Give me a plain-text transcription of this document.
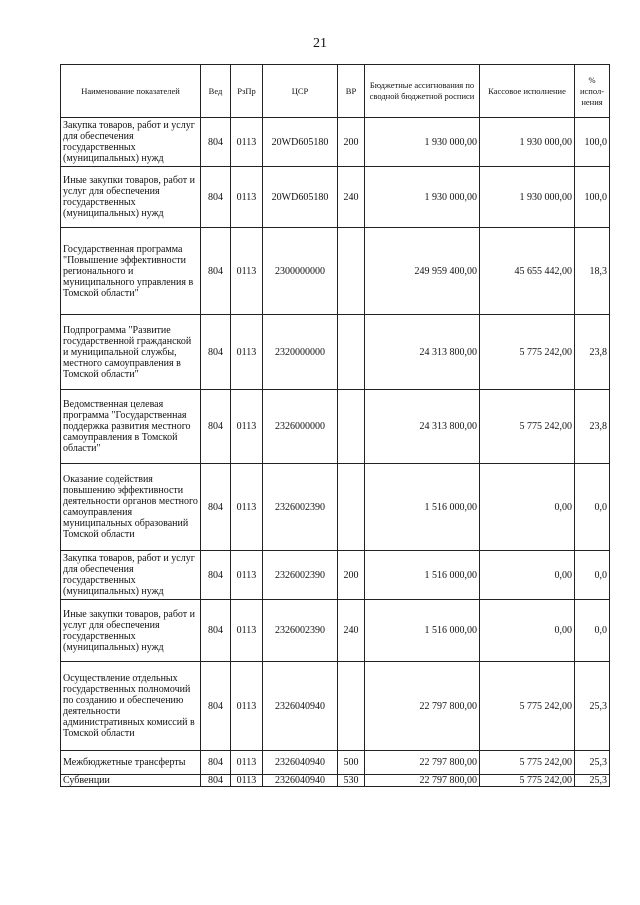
21
Наименование показателей	Вед	РзПр	ЦСР	ВР	Бюджетные ассигнования по сводной бюджетной росписи	Кассовое исполнение	% испол-нения
Закупка товаров, работ и услуг для обеспечения государственных (муниципальных) нужд	804	0113	20WD605180	200	1 930 000,00	1 930 000,00	100,0
Иные закупки товаров, работ и услуг для обеспечения государственных (муниципальных) нужд	804	0113	20WD605180	240	1 930 000,00	1 930 000,00	100,0
Государственная программа "Повышение эффективности регионального и муниципального управления в Томской области"	804	0113	2300000000		249 959 400,00	45 655 442,00	18,3
Подпрограмма "Развитие государственной гражданской и муниципальной службы, местного самоуправления в Томской области"	804	0113	2320000000		24 313 800,00	5 775 242,00	23,8
Ведомственная целевая программа "Государственная поддержка развития местного самоуправления в Томской области"	804	0113	2326000000		24 313 800,00	5 775 242,00	23,8
Оказание содействия повышению эффективности деятельности органов местного самоуправления муниципальных образований Томской области	804	0113	2326002390		1 516 000,00	0,00	0,0
Закупка товаров, работ и услуг для обеспечения государственных (муниципальных) нужд	804	0113	2326002390	200	1 516 000,00	0,00	0,0
Иные закупки товаров, работ и услуг для обеспечения государственных (муниципальных) нужд	804	0113	2326002390	240	1 516 000,00	0,00	0,0
Осуществление отдельных государственных полномочий по созданию и обеспечению деятельности административных комиссий в Томской области	804	0113	2326040940		22 797 800,00	5 775 242,00	25,3
Межбюджетные трансферты	804	0113	2326040940	500	22 797 800,00	5 775 242,00	25,3
Субвенции	804	0113	2326040940	530	22 797 800,00	5 775 242,00	25,3
